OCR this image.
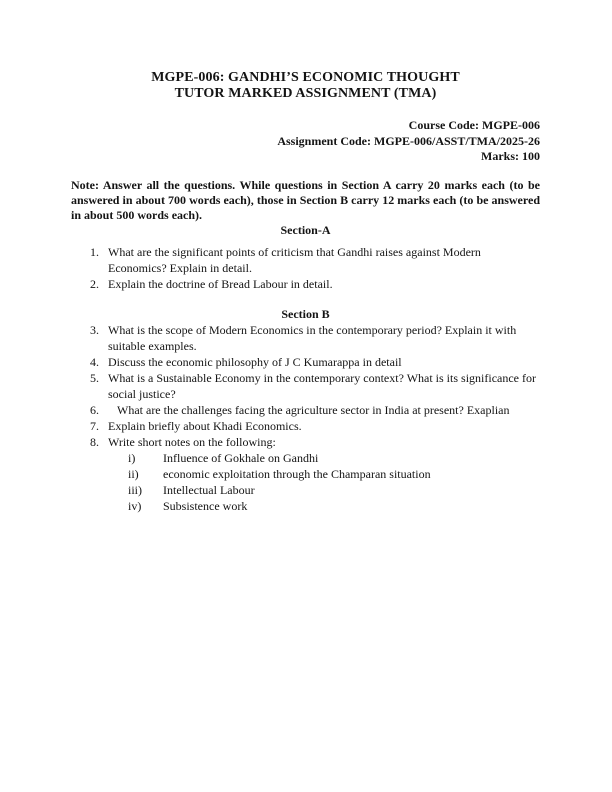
MGPE-006: GANDHI’S ECONOMIC THOUGHT
TUTOR MARKED ASSIGNMENT (TMA)
Course Code: MGPE-006
Assignment Code: MGPE-006/ASST/TMA/2025-26
Marks: 100
Note: Answer all the questions. While questions in Section A carry 20 marks each (to be answered in about 700 words each), those in Section B carry 12 marks each (to be answered in about 500 words each).
Section-A
1. What are the significant points of criticism that Gandhi raises against Modern Economics? Explain in detail.
2. Explain the doctrine of Bread Labour in detail.
Section B
3. What is the scope of Modern Economics in the contemporary period? Explain it with suitable examples.
4. Discuss the economic philosophy of J C Kumarappa in detail
5. What is a Sustainable Economy in the contemporary context? What is its significance for social justice?
6. What are the challenges facing the agriculture sector in India at present? Exaplian
7. Explain briefly about Khadi Economics.
8. Write short notes on the following:
i)	Influence of Gokhale on Gandhi
ii)	economic exploitation through the Champaran situation
iii)	Intellectual Labour
iv)	Subsistence work
